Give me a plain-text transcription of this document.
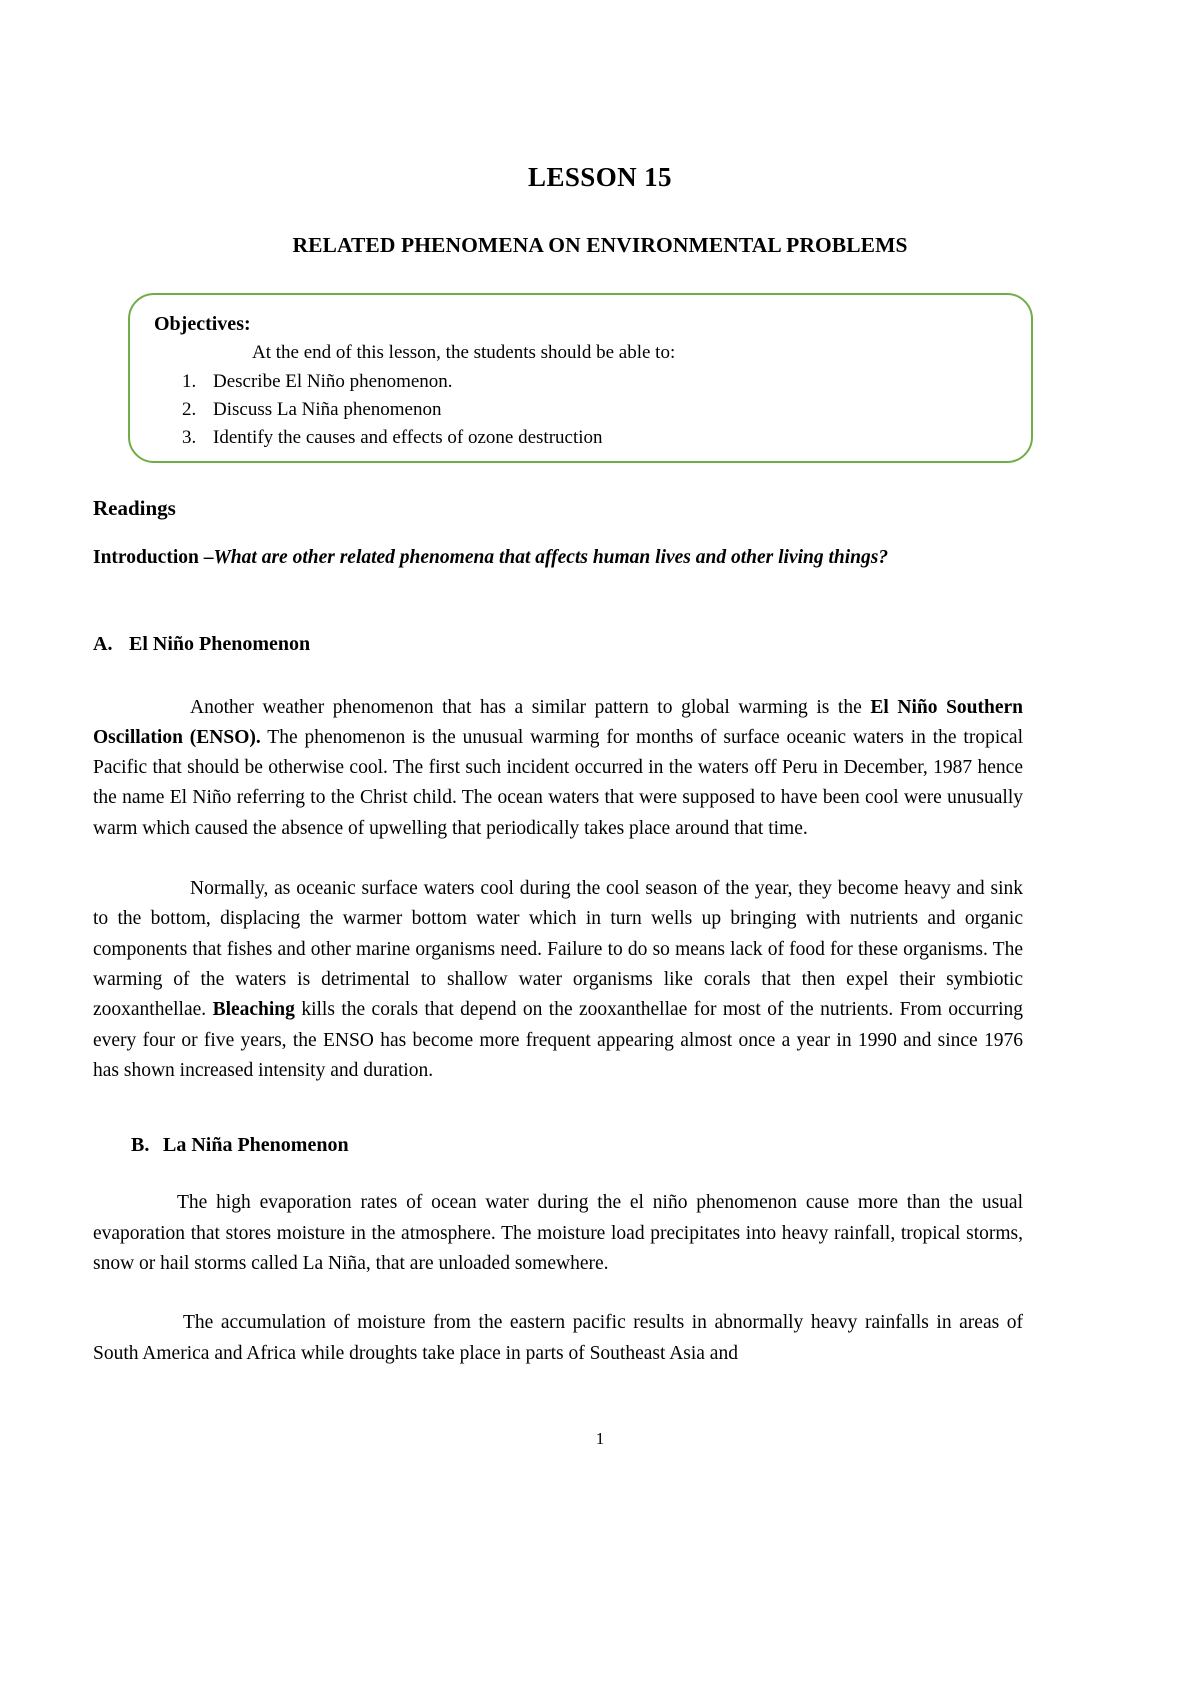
LESSON 15
RELATED PHENOMENA ON ENVIRONMENTAL PROBLEMS
Objectives:
At the end of this lesson, the students should be able to:
1. Describe El Niño phenomenon.
2. Discuss La Niña phenomenon
3. Identify the causes and effects of ozone destruction
Readings
Introduction –What are other related phenomena that affects human lives and other living things?
A. El Niño Phenomenon

Another weather phenomenon that has a similar pattern to global warming is the El Niño Southern Oscillation (ENSO). The phenomenon is the unusual warming for months of surface oceanic waters in the tropical Pacific that should be otherwise cool. The first such incident occurred in the waters off Peru in December, 1987 hence the name El Niño referring to the Christ child. The ocean waters that were supposed to have been cool were unusually warm which caused the absence of upwelling that periodically takes place around that time.

Normally, as oceanic surface waters cool during the cool season of the year, they become heavy and sink to the bottom, displacing the warmer bottom water which in turn wells up bringing with nutrients and organic components that fishes and other marine organisms need. Failure to do so means lack of food for these organisms. The warming of the waters is detrimental to shallow water organisms like corals that then expel their symbiotic zooxanthellae. Bleaching kills the corals that depend on the zooxanthellae for most of the nutrients. From occurring every four or five years, the ENSO has become more frequent appearing almost once a year in 1990 and since 1976 has shown increased intensity and duration.

B. La Niña Phenomenon

The high evaporation rates of ocean water during the el niño phenomenon cause more than the usual evaporation that stores moisture in the atmosphere. The moisture load precipitates into heavy rainfall, tropical storms, snow or hail storms called La Niña, that are unloaded somewhere.

The accumulation of moisture from the eastern pacific results in abnormally heavy rainfalls in areas of South America and Africa while droughts take place in parts of Southeast Asia and

1
